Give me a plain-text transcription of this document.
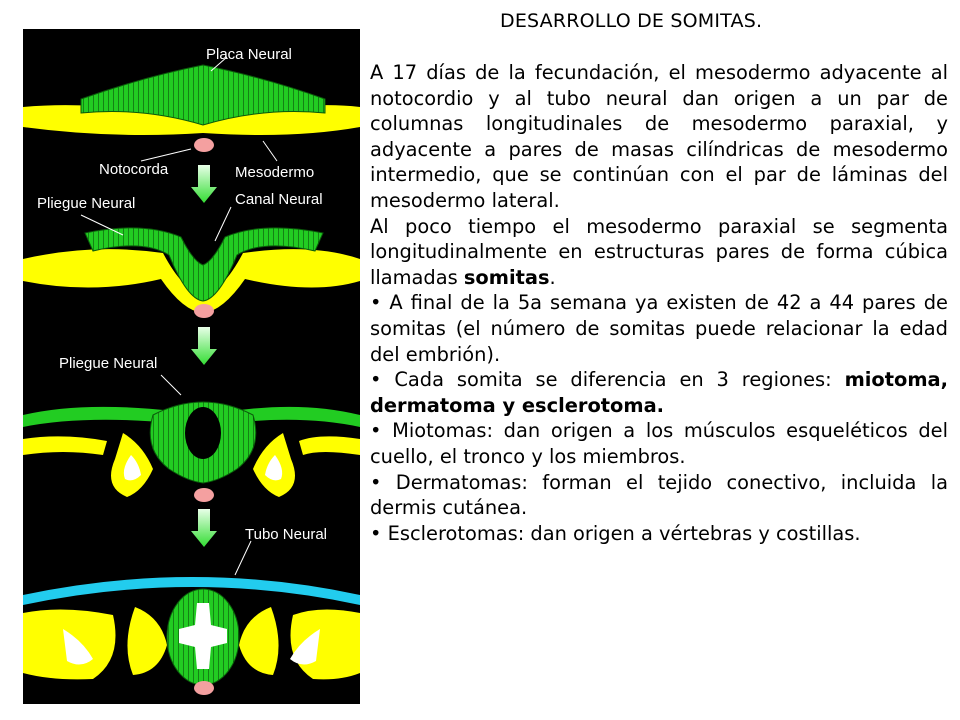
Placa Neural
Notocorda	Mesodermo
Pliegue Neural	Canal Neural
Pliegue Neural
Tubo Neural
DESARROLLO DE SOMITAS.

A 17 días de la fecundación, el mesodermo adyacente al notocordio y al tubo neural dan origen a un par de columnas longitudinales de mesodermo paraxial, y adyacente a pares de masas cilíndricas de mesodermo intermedio, que se continúan con el par de láminas del mesodermo lateral.

Al poco tiempo el mesodermo paraxial se segmenta longitudinalmente en estructuras pares de forma cúbica llamadas somitas.

• A final de la 5a semana ya existen de 42 a 44 pares de somitas (el número de somitas puede relacionar la edad del embrión).

• Cada somita se diferencia en 3 regiones: miotoma, dermatoma y esclerotoma.

• Miotomas: dan origen a los músculos esqueléticos del cuello, el tronco y los miembros.

• Dermatomas: forman el tejido conectivo, incluida la dermis cutánea.

• Esclerotomas: dan origen a vértebras y costillas.
